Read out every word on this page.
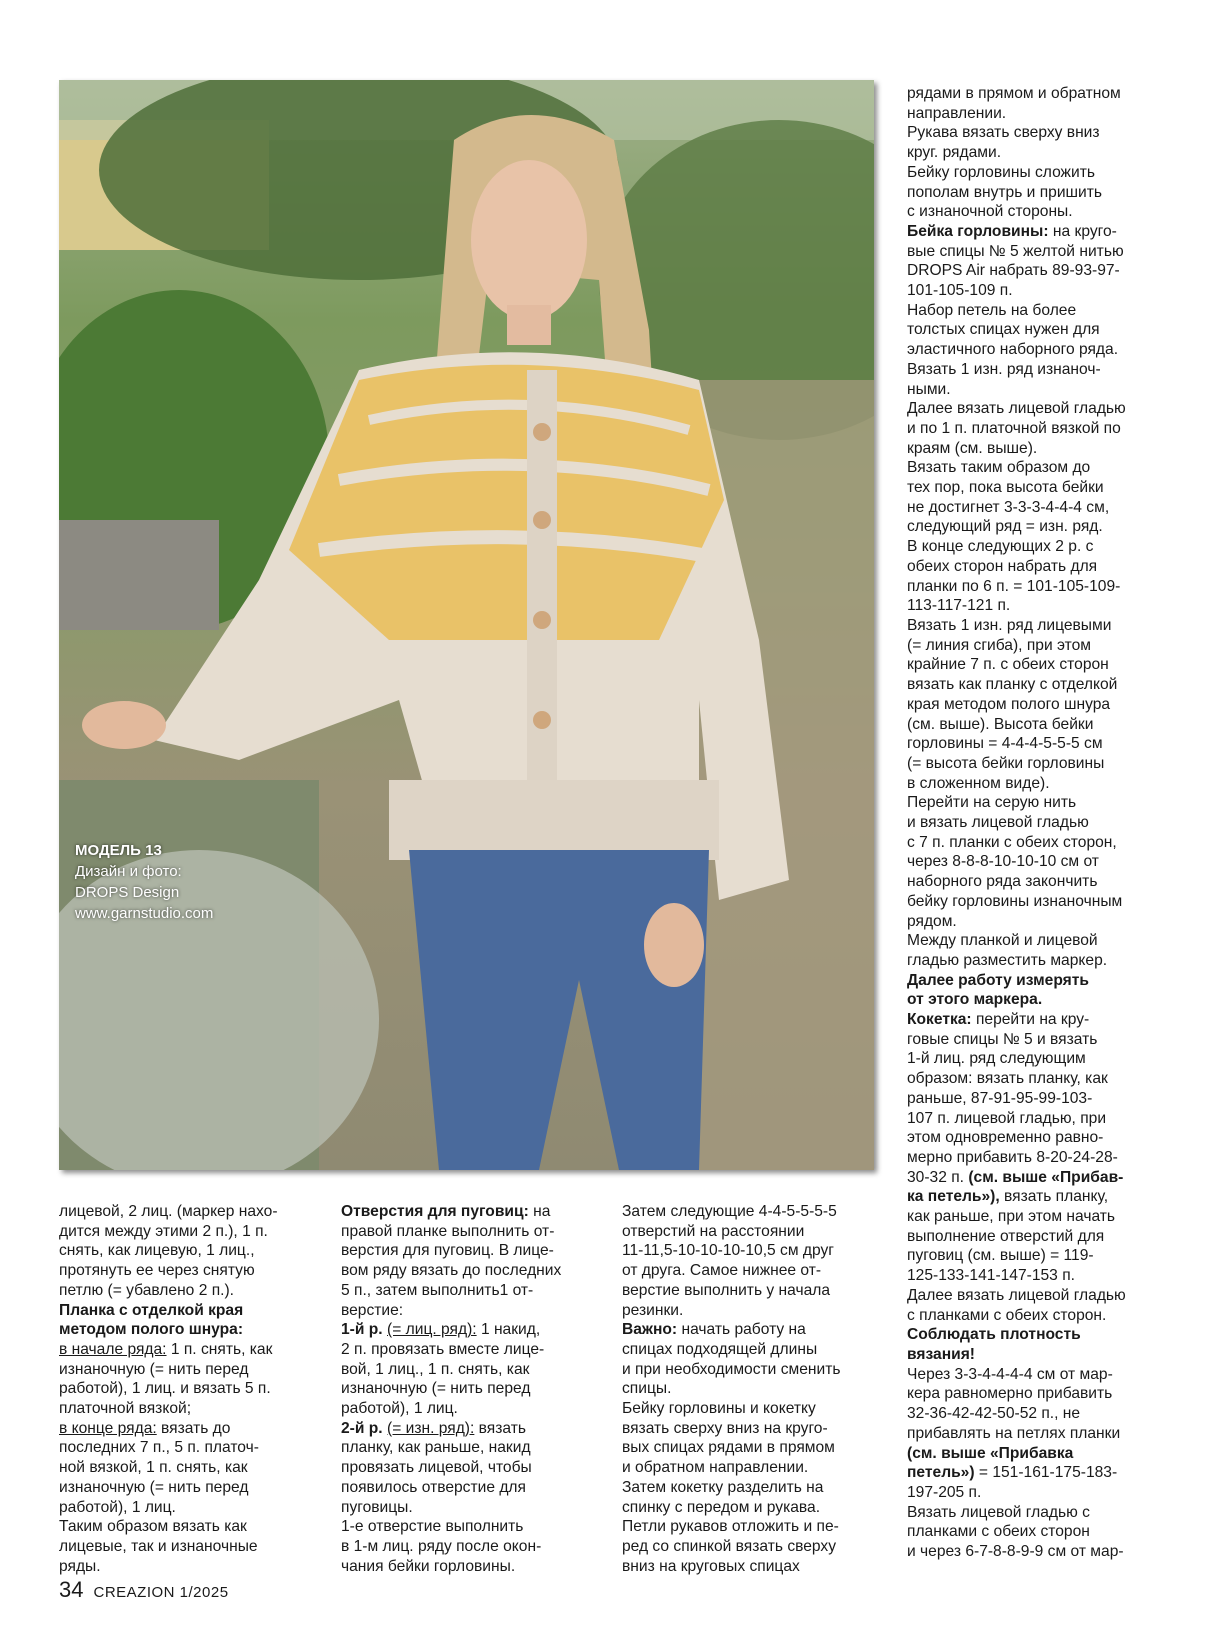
МОДЕЛЬ 13
Дизайн и фото:
DROPS Design
www.garnstudio.com

рядами в прямом и обратном
направлении.

Рукава вязать сверху вниз
круг. рядами.

Бейку горловины сложить
пополам внутрь и пришить
с изнаночной стороны.

Бейка горловины: на круго-
вые спицы № 5 желтой нитью
DROPS Air набрать 89-93-97-
101-105-109 п.

Набор петель на более
толстых спицах нужен для
эластичного наборного ряда.

Вязать 1 изн. ряд изнаноч-
ными.

Далее вязать лицевой гладью
и по 1 п. платочной вязкой по
краям (см. выше).

Вязать таким образом до
тех пор, пока высота бейки
не достигнет 3-3-3-4-4-4 см,
следующий ряд = изн. ряд.

В конце следующих 2 р. с
обеих сторон набрать для
планки по 6 п. = 101-105-109-
113-117-121 п.

Вязать 1 изн. ряд лицевыми
(= линия сгиба), при этом
крайние 7 п. с обеих сторон
вязать как планку с отделкой
края методом полого шнура
(см. выше). Высота бейки
горловины = 4-4-4-5-5-5 см
(= высота бейки горловины
в сложенном виде).

Перейти на серую нить
и вязать лицевой гладью
с 7 п. планки с обеих сторон,
через 8-8-8-10-10-10 см от
наборного ряда закончить
бейку горловины изнаночным
рядом.

Между планкой и лицевой
гладью разместить маркер.

Далее работу измерять
от этого маркера.

Кокетка: перейти на кру-
говые спицы № 5 и вязать
1-й лиц. ряд следующим
образом: вязать планку, как
раньше, 87-91-95-99-103-
107 п. лицевой гладью, при
этом одновременно равно-
мерно прибавить 8-20-24-28-
30-32 п. (см. выше «Прибав-
ка петель»), вязать планку,
как раньше, при этом начать
выполнение отверстий для
пуговиц (см. выше) = 119-
125-133-141-147-153 п.

Далее вязать лицевой гладью
с планками с обеих сторон.

Соблюдать плотность
вязания!

Через 3-3-4-4-4-4 см от мар-
кера равномерно прибавить
32-36-42-42-50-52 п., не
прибавлять на петлях планки
(см. выше «Прибавка
петель») = 151-161-175-183-
197-205 п.

Вязать лицевой гладью с
планками с обеих сторон
и через 6-7-8-8-9-9 см от мар-

лицевой, 2 лиц. (маркер нахо-
дится между этими 2 п.), 1 п.
снять, как лицевую, 1 лиц.,
протянуть ее через снятую
петлю (= убавлено 2 п.).

Планка с отделкой края
методом полого шнура:

в начале ряда: 1 п. снять, как
изнаночную (= нить перед
работой), 1 лиц. и вязать 5 п.
платочной вязкой;

в конце ряда: вязать до
последних 7 п., 5 п. платоч-
ной вязкой, 1 п. снять, как
изнаночную (= нить перед
работой), 1 лиц.

Таким образом вязать как
лицевые, так и изнаночные
ряды.

Отверстия для пуговиц: на
правой планке выполнить от-
верстия для пуговиц. В лице-
вом ряду вязать до последних
5 п., затем выполнить1 от-
верстие:

1-й р. (= лиц. ряд): 1 накид,
2 п. провязать вместе лице-
вой, 1 лиц., 1 п. снять, как
изнаночную (= нить перед
работой), 1 лиц.

2-й р. (= изн. ряд): вязать
планку, как раньше, накид
провязать лицевой, чтобы
появилось отверстие для
пуговицы.

1-е отверстие выполнить
в 1-м лиц. ряду после окон-
чания бейки горловины.

Затем следующие 4-4-5-5-5-5
отверстий на расстоянии
11-11,5-10-10-10-10,5 см друг
от друга. Самое нижнее от-
верстие выполнить у начала
резинки.

Важно: начать работу на
спицах подходящей длины
и при необходимости сменить
спицы.

Бейку горловины и кокетку
вязать сверху вниз на круго-
вых спицах рядами в прямом
и обратном направлении.

Затем кокетку разделить на
спинку с передом и рукава.

Петли рукавов отложить и пе-
ред со спинкой вязать сверху
вниз на круговых спицах

34 CREAZION 1/2025
